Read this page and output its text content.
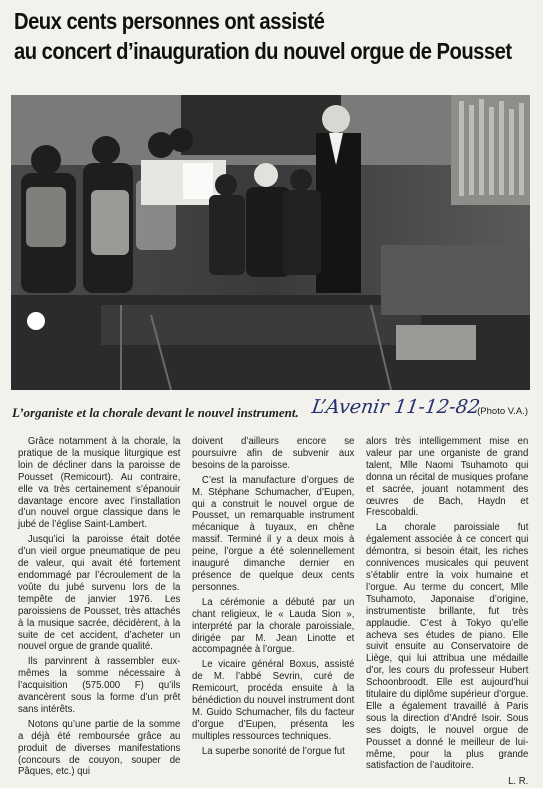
Deux cents personnes ont assisté
au concert d’inauguration du nouvel orgue de Pousset
L’organiste et la chorale devant le nouvel instrument. L’Avenir 11-12-82
(Photo V.A.)

Grâce notamment à la chorale, la pratique de la musique liturgique est loin de décliner dans la paroisse de Pousset (Remicourt). Au contraire, elle va très certainement s’épanouir davantage encore avec l’installation d’un nouvel orgue classique dans le jubé de l’église Saint-Lambert.

Jusqu’ici la paroisse était dotée d’un vieil orgue pneumatique de peu de valeur, qui avait été fortement endommagé par l’écroulement de la voûte du jubé survenu lors de la tempête de janvier 1976. Les paroissiens de Pousset, très attachés à la musique sacrée, décidèrent, à la suite de cet accident, d’acheter un nouvel orgue de grande qualité.

Ils parvinrent à rassembler eux-mêmes la somme nécessaire à l’acquisition (575.000 F) qu’ils avancèrent sous la forme d’un prêt sans intérêts.

Notons qu’une partie de la somme a déjà été remboursée grâce au produit de diverses manifestations (concours de couyon, souper de Pâques, etc.) qui

doivent d’ailleurs encore se poursuivre afin de subvenir aux besoins de la paroisse.

C’est la manufacture d’orgues de M. Stéphane Schumacher, d’Eupen, qui a construit le nouvel orgue de Pousset, un remarquable instrument mécanique à tuyaux, en chêne massif. Terminé il y a deux mois à peine, l’orgue a été solennellement inauguré dimanche dernier en présence de quelque deux cents personnes.

La cérémonie a débuté par un chant religieux, le « Lauda Sion », interprété par la chorale paroissiale, dirigée par M. Jean Linotte et accompagnée à l’orgue.

Le vicaire général Boxus, assisté de M. l’abbé Sevrin, curé de Remicourt, procéda ensuite à la bénédiction du nouvel instrument dont M. Guido Schumacher, fils du facteur d’orgue d’Eupen, présenta les multiples ressources techniques.

La superbe sonorité de l’orgue fut

alors très intelligemment mise en valeur par une organiste de grand talent, Mlle Naomi Tsuhamoto qui donna un récital de musiques profane et sacrée, jouant notamment des œuvres de Bach, Haydn et Frescobaldi.

La chorale paroissiale fut également associée à ce concert qui démontra, si besoin était, les riches connivences musicales qui peuvent s’établir entre la voix humaine et l’orgue. Au terme du concert, Mlle Tsuhamoto, Japonaise d’origine, instrumentiste brillante, fut très applaudie. C’est à Tokyo qu’elle acheva ses études de piano. Elle suivit ensuite au Conservatoire de Liège, qui lui attribua une médaille d’or, les cours du professeur Hubert Schoonbroodt. Elle est aujourd’hui titulaire du diplôme supérieur d’orgue. Elle a également travaillé à Paris sous la direction d’André Isoir. Sous ses doigts, le nouvel orgue de Pousset a donné le meilleur de lui-même, pour la plus grande satisfaction de l’auditoire.

L. R.
